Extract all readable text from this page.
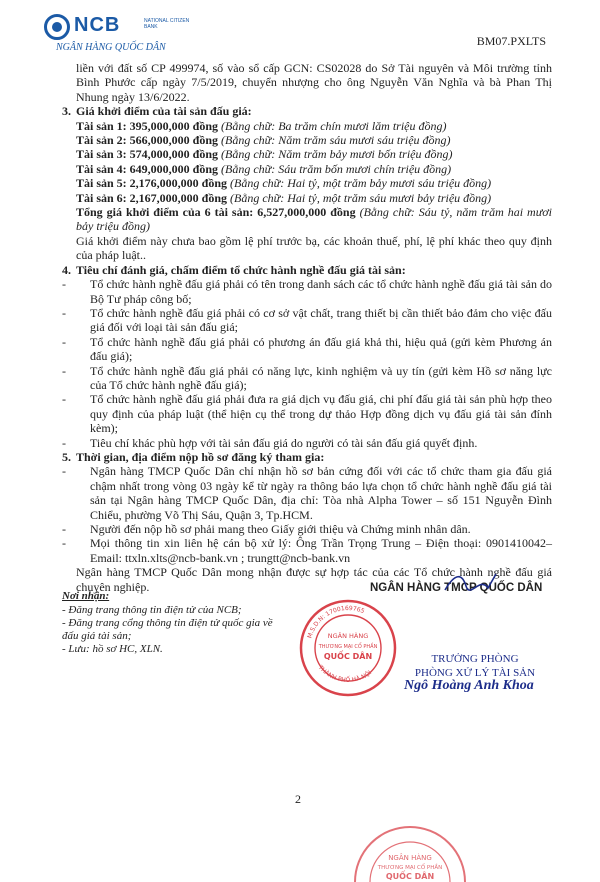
NCB	NATIONAL CITIZEN BANK
NGÂN HÀNG QUỐC DÂN	BM07.PXLTS

liền với đất số CP 499974, số vào sổ cấp GCN: CS02028 do Sở Tài nguyên và Môi trường tỉnh Bình Phước cấp ngày 7/5/2019, chuyển nhượng cho ông Nguyễn Văn Nghĩa và bà Phan Thị Nhung ngày 13/6/2022.

3. Giá khởi điểm của tài sản đấu giá:

Tài sản 1: 395,000,000 đồng (Bằng chữ: Ba trăm chín mươi lăm triệu đồng)

Tài sản 2: 566,000,000 đồng (Bằng chữ: Năm trăm sáu mươi sáu triệu đồng)

Tài sản 3: 574,000,000 đồng (Bằng chữ: Năm trăm bảy mươi bốn triệu đồng)

Tài sản 4: 649,000,000 đồng (Bằng chữ: Sáu trăm bốn mươi chín triệu đồng)

Tài sản 5: 2,176,000,000 đồng (Bằng chữ: Hai tỷ, một trăm bảy mươi sáu triệu đồng)

Tài sản 6: 2,167,000,000 đồng (Bằng chữ: Hai tỷ, một trăm sáu mươi bảy triệu đồng)

Tổng giá khởi điểm của 6 tài sản: 6,527,000,000 đồng (Bằng chữ: Sáu tỷ, năm trăm hai mươi bảy triệu đồng)

Giá khởi điểm này chưa bao gồm lệ phí trước bạ, các khoản thuế, phí, lệ phí khác theo quy định của pháp luật..

4. Tiêu chí đánh giá, chấm điểm tổ chức hành nghề đấu giá tài sản:

- Tổ chức hành nghề đấu giá phải có tên trong danh sách các tổ chức hành nghề đấu giá tài sản do Bộ Tư pháp công bố;

- Tổ chức hành nghề đấu giá phải có cơ sở vật chất, trang thiết bị cần thiết bảo đảm cho việc đấu giá đối với loại tài sản đấu giá;

- Tổ chức hành nghề đấu giá phải có phương án đấu giá khả thi, hiệu quả (gửi kèm Phương án đấu giá);

- Tổ chức hành nghề đấu giá phải có năng lực, kinh nghiệm và uy tín (gửi kèm Hồ sơ năng lực của Tổ chức hành nghề đấu giá);

- Tổ chức hành nghề đấu giá phải đưa ra giá dịch vụ đấu giá, chi phí đấu giá tài sản phù hợp theo quy định của pháp luật (thể hiện cụ thể trong dự thảo Hợp đồng dịch vụ đấu giá tài sản đính kèm);

- Tiêu chí khác phù hợp với tài sản đấu giá do người có tài sản đấu giá quyết định.

5. Thời gian, địa điểm nộp hồ sơ đăng ký tham gia:

- Ngân hàng TMCP Quốc Dân chỉ nhận hồ sơ bản cứng đối với các tổ chức tham gia đấu giá chậm nhất trong vòng 03 ngày kể từ ngày ra thông báo lựa chọn tổ chức hành nghề đấu giá tài sản tại Ngân hàng TMCP Quốc Dân, địa chỉ: Tòa nhà Alpha Tower – số 151 Nguyễn Đình Chiểu, phường Võ Thị Sáu, Quận 3, Tp.HCM.

- Người đến nộp hồ sơ phải mang theo Giấy giới thiệu và Chứng minh nhân dân.

- Mọi thông tin xin liên hệ cán bộ xử lý: Ông Trần Trọng Trung – Điện thoại: 0901410042– Email: ttxln.xlts@ncb-bank.vn ; trungtt@ncb-bank.vn

Ngân hàng TMCP Quốc Dân mong nhận được sự hợp tác của các Tổ chức hành nghề đấu giá chuyên nghiệp.

Nơi nhận:
- Đăng trang thông tin điện tử của NCB;
- Đăng trang cổng thông tin điện tử quốc gia về đấu giá tài sản;
- Lưu: hồ sơ HC, XLN.
NGÂN HÀNG TMCP QUỐC DÂN
NGÂN HÀNG
THƯƠNG MẠI CỔ PHẦN
QUỐC DÂN
M.S.D.N: 1700169765
THÀNH PHỐ HÀ NỘI
TRƯỞNG PHÒNG
PHÒNG XỬ LÝ TÀI SẢN
Ngô Hoàng Anh Khoa
2
NGÂN HÀNG
THƯƠNG MẠI CỔ PHẦN
QUỐC DÂN
